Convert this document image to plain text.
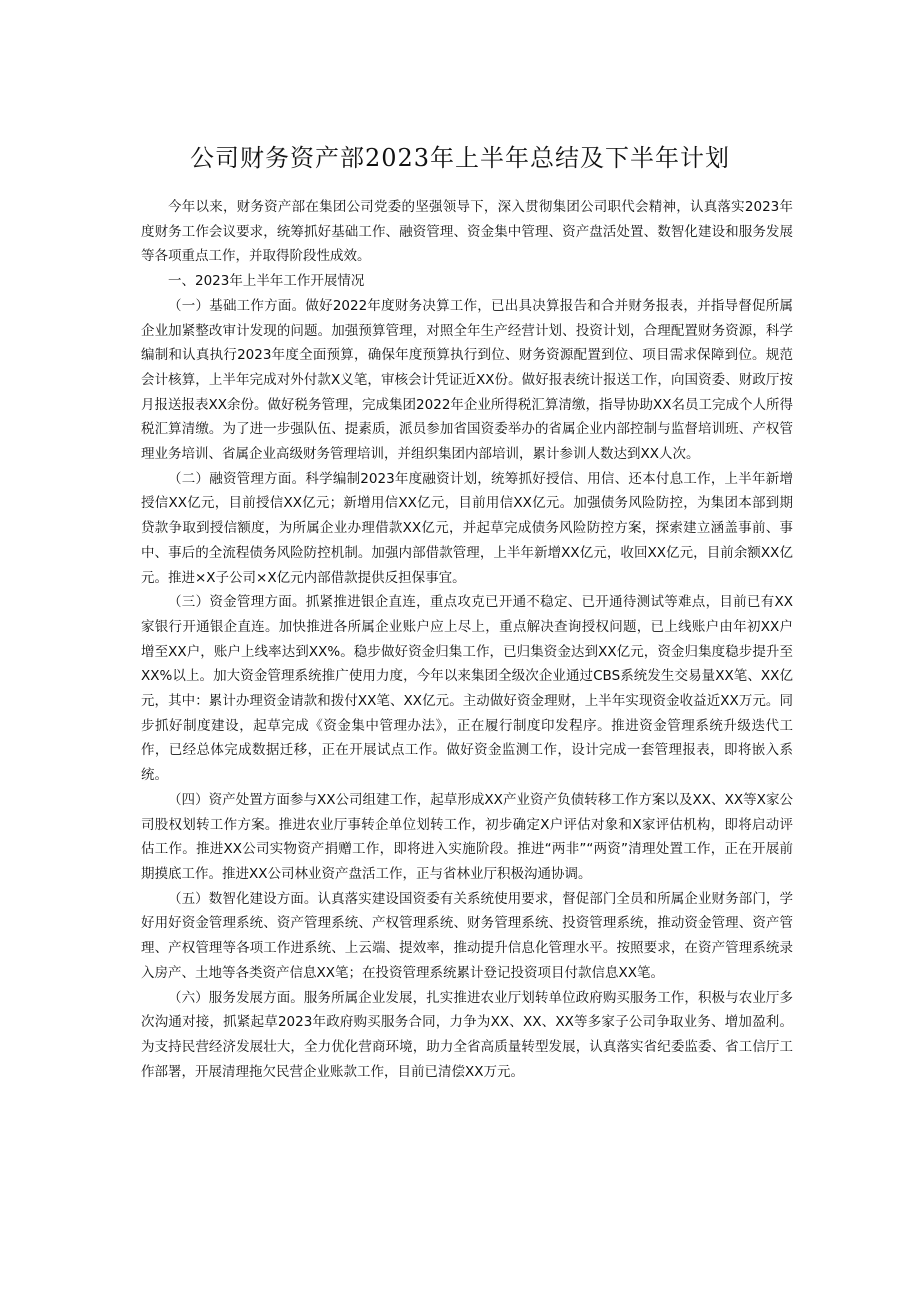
公司财务资产部2023年上半年总结及下半年计划

今年以来，财务资产部在集团公司党委的坚强领导下，深入贯彻集团公司职代会精神，认真落实2023年度财务工作会议要求，统筹抓好基础工作、融资管理、资金集中管理、资产盘活处置、数智化建设和服务发展等各项重点工作，并取得阶段性成效。

一、2023年上半年工作开展情况

（一）基础工作方面。做好2022年度财务决算工作，已出具决算报告和合并财务报表，并指导督促所属企业加紧整改审计发现的问题。加强预算管理，对照全年生产经营计划、投资计划，合理配置财务资源，科学编制和认真执行2023年度全面预算，确保年度预算执行到位、财务资源配置到位、项目需求保障到位。规范会计核算，上半年完成对外付款X义笔，审核会计凭证近XX份。做好报表统计报送工作，向国资委、财政厅按月报送报表XX余份。做好税务管理，完成集团2022年企业所得税汇算清缴，指导协助XX名员工完成个人所得税汇算清缴。为了进一步强队伍、提素质，派员参加省国资委举办的省属企业内部控制与监督培训班、产权管理业务培训、省属企业高级财务管理培训，并组织集团内部培训，累计参训人数达到XX人次。

（二）融资管理方面。科学编制2023年度融资计划，统筹抓好授信、用信、还本付息工作，上半年新增授信XX亿元，目前授信XX亿元；新增用信XX亿元，目前用信XX亿元。加强债务风险防控，为集团本部到期贷款争取到授信额度，为所属企业办理借款XX亿元，并起草完成债务风险防控方案，探索建立涵盖事前、事中、事后的全流程债务风险防控机制。加强内部借款管理，上半年新增XX亿元，收回XX亿元，目前余额XX亿元。推进×X子公司×X亿元内部借款提供反担保事宜。

（三）资金管理方面。抓紧推进银企直连，重点攻克已开通不稳定、已开通待测试等难点，目前已有XX家银行开通银企直连。加快推进各所属企业账户应上尽上，重点解决查询授权问题，已上线账户由年初XX户增至XX户，账户上线率达到XX%。稳步做好资金归集工作，已归集资金达到XX亿元，资金归集度稳步提升至XX%以上。加大资金管理系统推广使用力度，今年以来集团全级次企业通过CBS系统发生交易量XX笔、XX亿元，其中：累计办理资金请款和拨付XX笔、XX亿元。主动做好资金理财，上半年实现资金收益近XX万元。同步抓好制度建设，起草完成《资金集中管理办法》，正在履行制度印发程序。推进资金管理系统升级迭代工作，已经总体完成数据迁移，正在开展试点工作。做好资金监测工作，设计完成一套管理报表，即将嵌入系统。

（四）资产处置方面参与XX公司组建工作，起草形成XX产业资产负债转移工作方案以及XX、XX等X家公司股权划转工作方案。推进农业厅事转企单位划转工作，初步确定X户评估对象和X家评估机构，即将启动评估工作。推进XX公司实物资产捐赠工作，即将进入实施阶段。推进“两非”“两资”清理处置工作，正在开展前期摸底工作。推进XX公司林业资产盘活工作，正与省林业厅积极沟通协调。

（五）数智化建设方面。认真落实建设国资委有关系统使用要求，督促部门全员和所属企业财务部门，学好用好资金管理系统、资产管理系统、产权管理系统、财务管理系统、投资管理系统，推动资金管理、资产管理、产权管理等各项工作进系统、上云端、提效率，推动提升信息化管理水平。按照要求，在资产管理系统录入房产、土地等各类资产信息XX笔；在投资管理系统累计登记投资项目付款信息XX笔。

（六）服务发展方面。服务所属企业发展，扎实推进农业厅划转单位政府购买服务工作，积极与农业厅多次沟通对接，抓紧起草2023年政府购买服务合同，力争为XX、XX、XX等多家子公司争取业务、增加盈利。为支持民营经济发展壮大，全力优化营商环境，助力全省高质量转型发展，认真落实省纪委监委、省工信厅工作部署，开展清理拖欠民营企业账款工作，目前已清偿XX万元。
